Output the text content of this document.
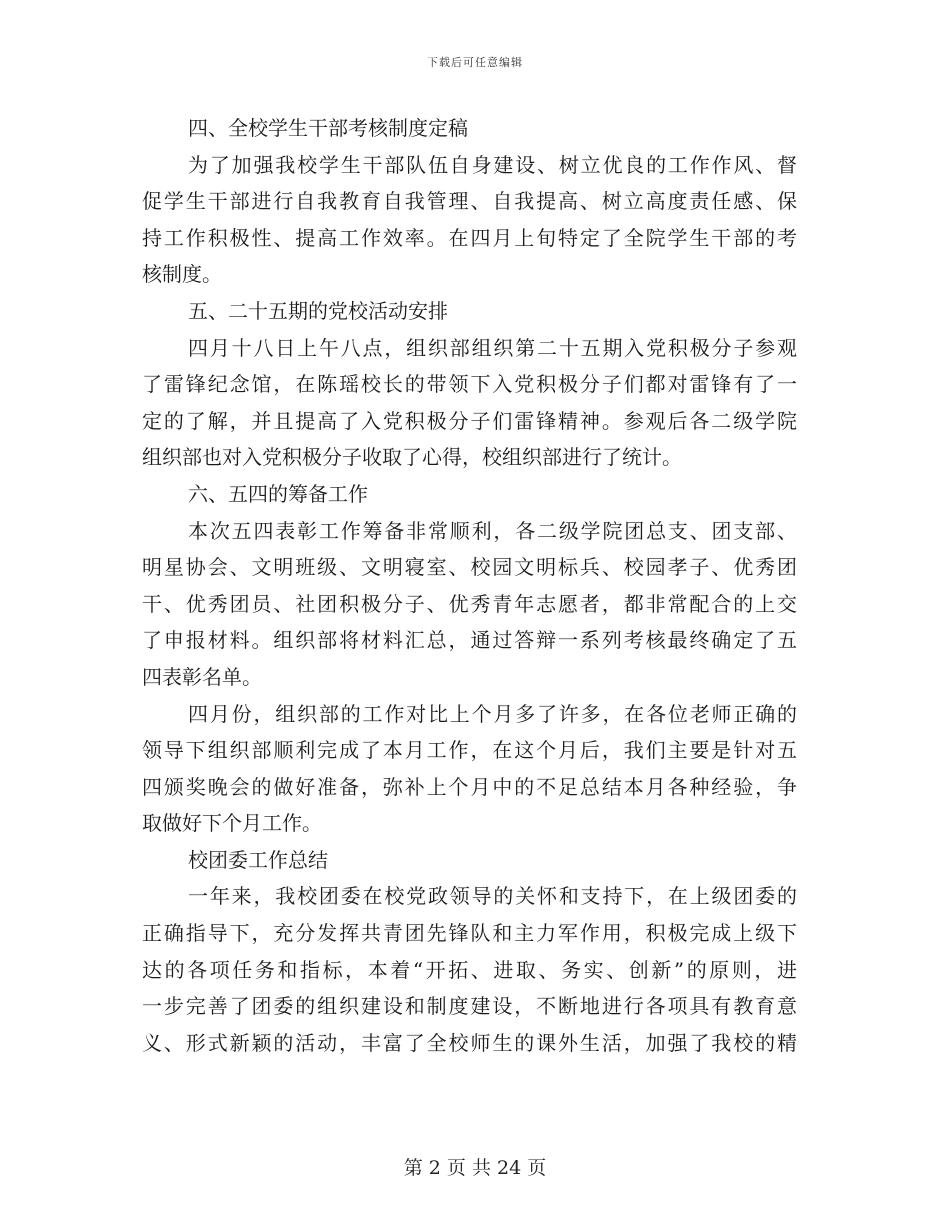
下载后可任意编辑
四、全校学生干部考核制度定稿
为了加强我校学生干部队伍自身建设、树立优良的工作作风、督
促学生干部进行自我教育自我管理、自我提高、树立高度责任感、保
持工作积极性、提高工作效率。在四月上旬特定了全院学生干部的考
核制度。
五、二十五期的党校活动安排
四月十八日上午八点，组织部组织第二十五期入党积极分子参观
了雷锋纪念馆，在陈瑶校长的带领下入党积极分子们都对雷锋有了一
定的了解，并且提高了入党积极分子们雷锋精神。参观后各二级学院
组织部也对入党积极分子收取了心得，校组织部进行了统计。
六、五四的筹备工作
本次五四表彰工作筹备非常顺利，各二级学院团总支、团支部、
明星协会、文明班级、文明寝室、校园文明标兵、校园孝子、优秀团
干、优秀团员、社团积极分子、优秀青年志愿者，都非常配合的上交
了申报材料。组织部将材料汇总，通过答辩一系列考核最终确定了五
四表彰名单。
四月份，组织部的工作对比上个月多了许多，在各位老师正确的
领导下组织部顺利完成了本月工作，在这个月后，我们主要是针对五
四颁奖晚会的做好准备，弥补上个月中的不足总结本月各种经验，争
取做好下个月工作。
校团委工作总结
一年来，我校团委在校党政领导的关怀和支持下，在上级团委的
正确指导下，充分发挥共青团先锋队和主力军作用，积极完成上级下
达的各项任务和指标，本着“开拓、进取、务实、创新”的原则，进
一步完善了团委的组织建设和制度建设，不断地进行各项具有教育意
义、形式新颖的活动，丰富了全校师生的课外生活，加强了我校的精
第 2 页 共 24 页
